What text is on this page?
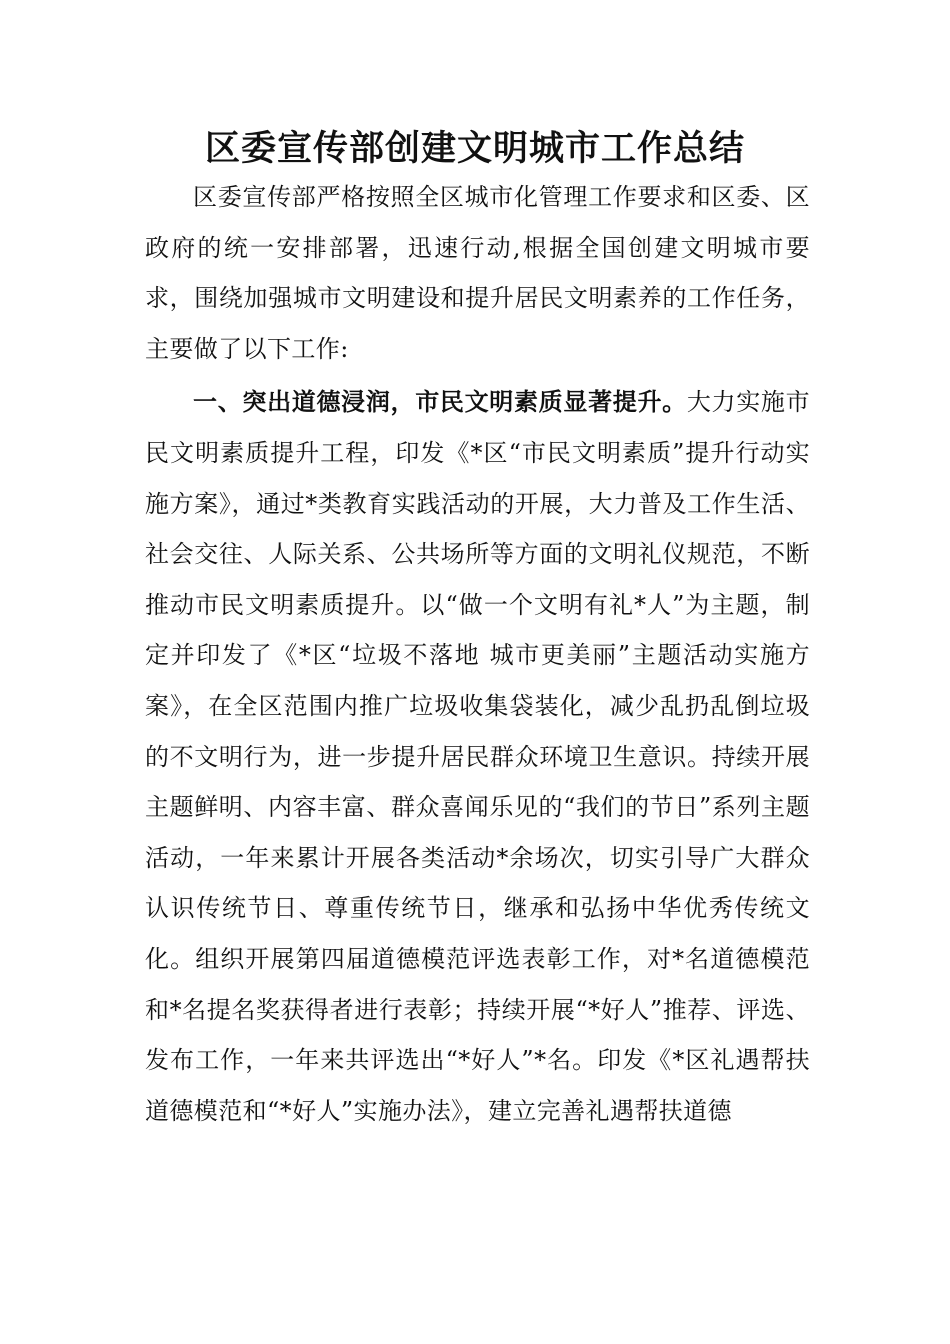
区委宣传部创建文明城市工作总结

区委宣传部严格按照全区城市化管理工作要求和区委、区政府的统一安排部署，迅速行动,根据全国创建文明城市要求，围绕加强城市文明建设和提升居民文明素养的工作任务，主要做了以下工作:

一、突出道德浸润，市民文明素质显著提升。大力实施市民文明素质提升工程，印发《*区“市民文明素质”提升行动实施方案》，通过*类教育实践活动的开展，大力普及工作生活、社会交往、人际关系、公共场所等方面的文明礼仪规范，不断推动市民文明素质提升。以“做一个文明有礼*人”为主题，制定并印发了《*区“垃圾不落地 城市更美丽”主题活动实施方案》，在全区范围内推广垃圾收集袋装化，减少乱扔乱倒垃圾的不文明行为，进一步提升居民群众环境卫生意识。持续开展主题鲜明、内容丰富、群众喜闻乐见的“我们的节日”系列主题活动，一年来累计开展各类活动*余场次，切实引导广大群众认识传统节日、尊重传统节日，继承和弘扬中华优秀传统文化。组织开展第四届道德模范评选表彰工作，对*名道德模范和*名提名奖获得者进行表彰；持续开展“*好人”推荐、评选、发布工作，一年来共评选出“*好人”*名。印发《*区礼遇帮扶道德模范和“*好人”实施办法》，建立完善礼遇帮扶道德
